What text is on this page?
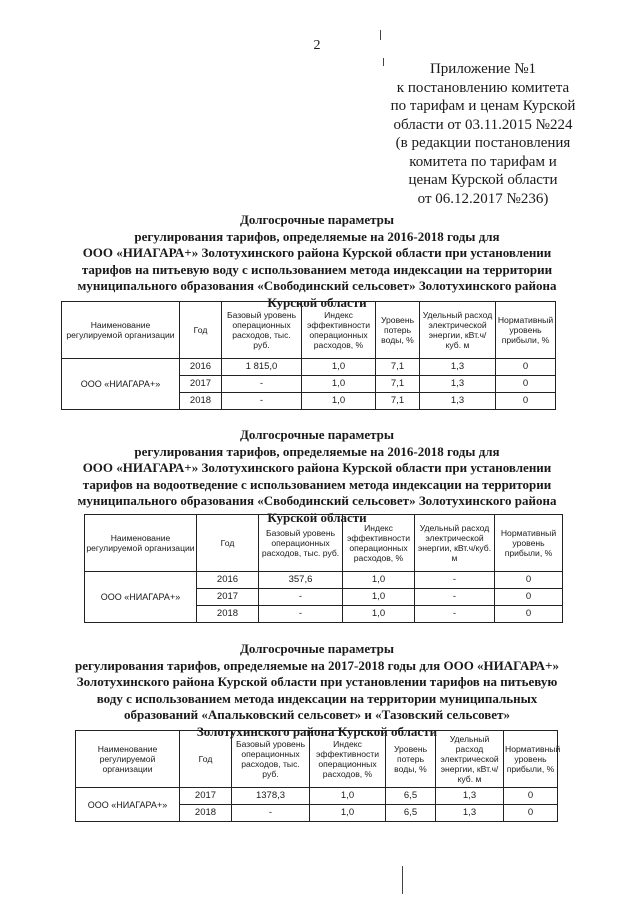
2
Приложение №1
к постановлению комитета
по тарифам и ценам Курской
области от 03.11.2015 №224
(в редакции постановления
комитета по тарифам и
ценам Курской области
от 06.12.2017 №236)
Долгосрочные параметры
регулирования тарифов, определяемые на 2016-2018 годы для
ООО «НИАГАРА+» Золотухинского района Курской области при установлении
тарифов на питьевую воду с использованием метода индексации на территории
муниципального образования «Свободинский сельсовет» Золотухинского района
Курской области
Наименование регулируемой организации	Год	Базовый уровень операционных расходов, тыс. руб.	Индекс эффективности операционных расходов, %	Уровень потерь воды, %	Удельный расход электрической энергии, кВт.ч/куб. м	Нормативный уровень прибыли, %
ООО «НИАГАРА+»	2016	1 815,0	1,0	7,1	1,3	0
	2017	-	1,0	7,1	1,3	0
	2018	-	1,0	7,1	1,3	0
Долгосрочные параметры
регулирования тарифов, определяемые на 2016-2018 годы для
ООО «НИАГАРА+» Золотухинского района Курской области при установлении
тарифов на водоотведение с использованием метода индексации на территории
муниципального образования «Свободинский сельсовет» Золотухинского района
Курской области
Наименование регулируемой организации	Год	Базовый уровень операционных расходов, тыс. руб.	Индекс эффективности операционных расходов, %	Удельный расход электрической энергии, кВт.ч/куб. м	Нормативный уровень прибыли, %
ООО «НИАГАРА+»	2016	357,6	1,0	-	0
	2017	-	1,0	-	0
	2018	-	1,0	-	0
Долгосрочные параметры
регулирования тарифов, определяемые на 2017-2018 годы для ООО «НИАГАРА+»
Золотухинского района Курской области при установлении тарифов на питьевую
воду с использованием метода индексации на территории муниципальных
образований «Апальковский сельсовет» и «Тазовский сельсовет»
Золотухинского района Курской области
Наименование регулируемой организации	Год	Базовый уровень операционных расходов, тыс. руб.	Индекс эффективности операционных расходов, %	Уровень потерь воды, %	Удельный расход электрической энергии, кВт.ч/куб. м	Нормативный уровень прибыли, %
ООО «НИАГАРА+»	2017	1378,3	1,0	6,5	1,3	0
	2018	-	1,0	6,5	1,3	0
